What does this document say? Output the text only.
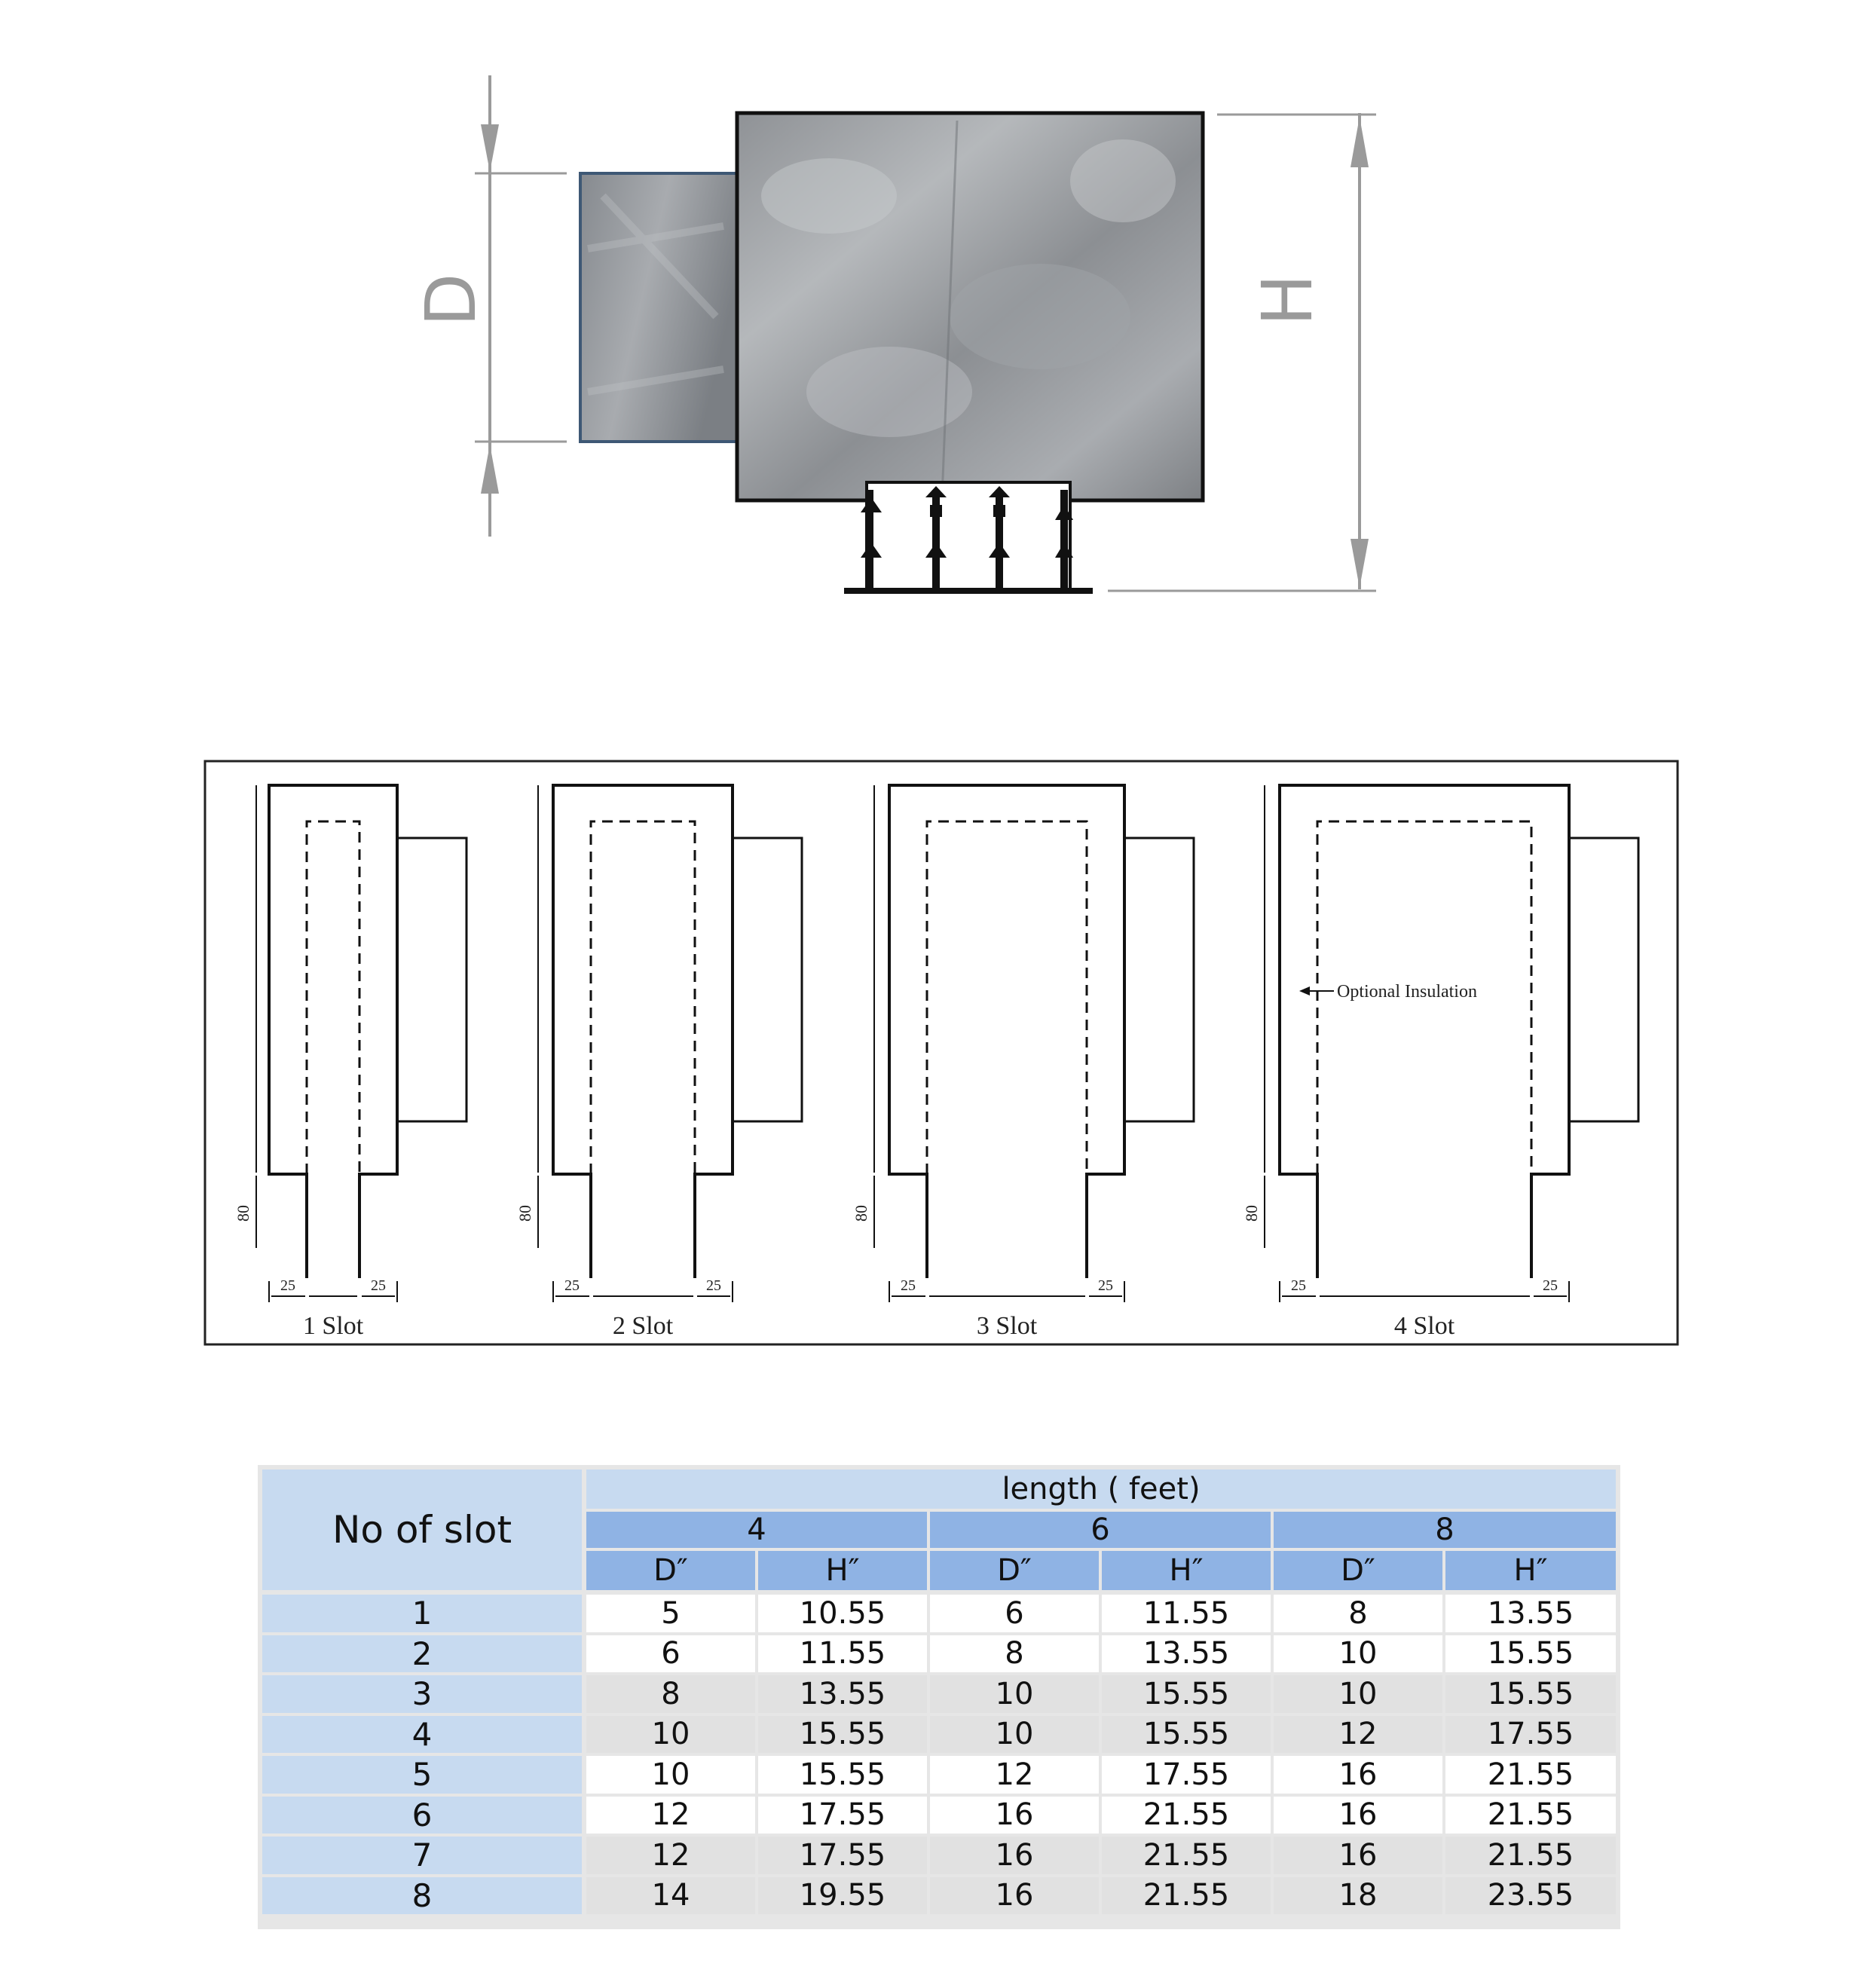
D	H
1 Slot	2 Slot	3 Slot	4 Slot
80	80	80	80
25	25	25	25	25	25	25	25
Optional Insulation
No of slot
length ( feet)
4	6	8
D″	H″	D″	H″	D″	H″
1	5	10.55	6	11.55	8	13.55
2	6	11.55	8	13.55	10	15.55
3	8	13.55	10	15.55	10	15.55
4	10	15.55	10	15.55	12	17.55
5	10	15.55	12	17.55	16	21.55
6	12	17.55	16	21.55	16	21.55
7	12	17.55	16	21.55	16	21.55
8	14	19.55	16	21.55	18	23.55
